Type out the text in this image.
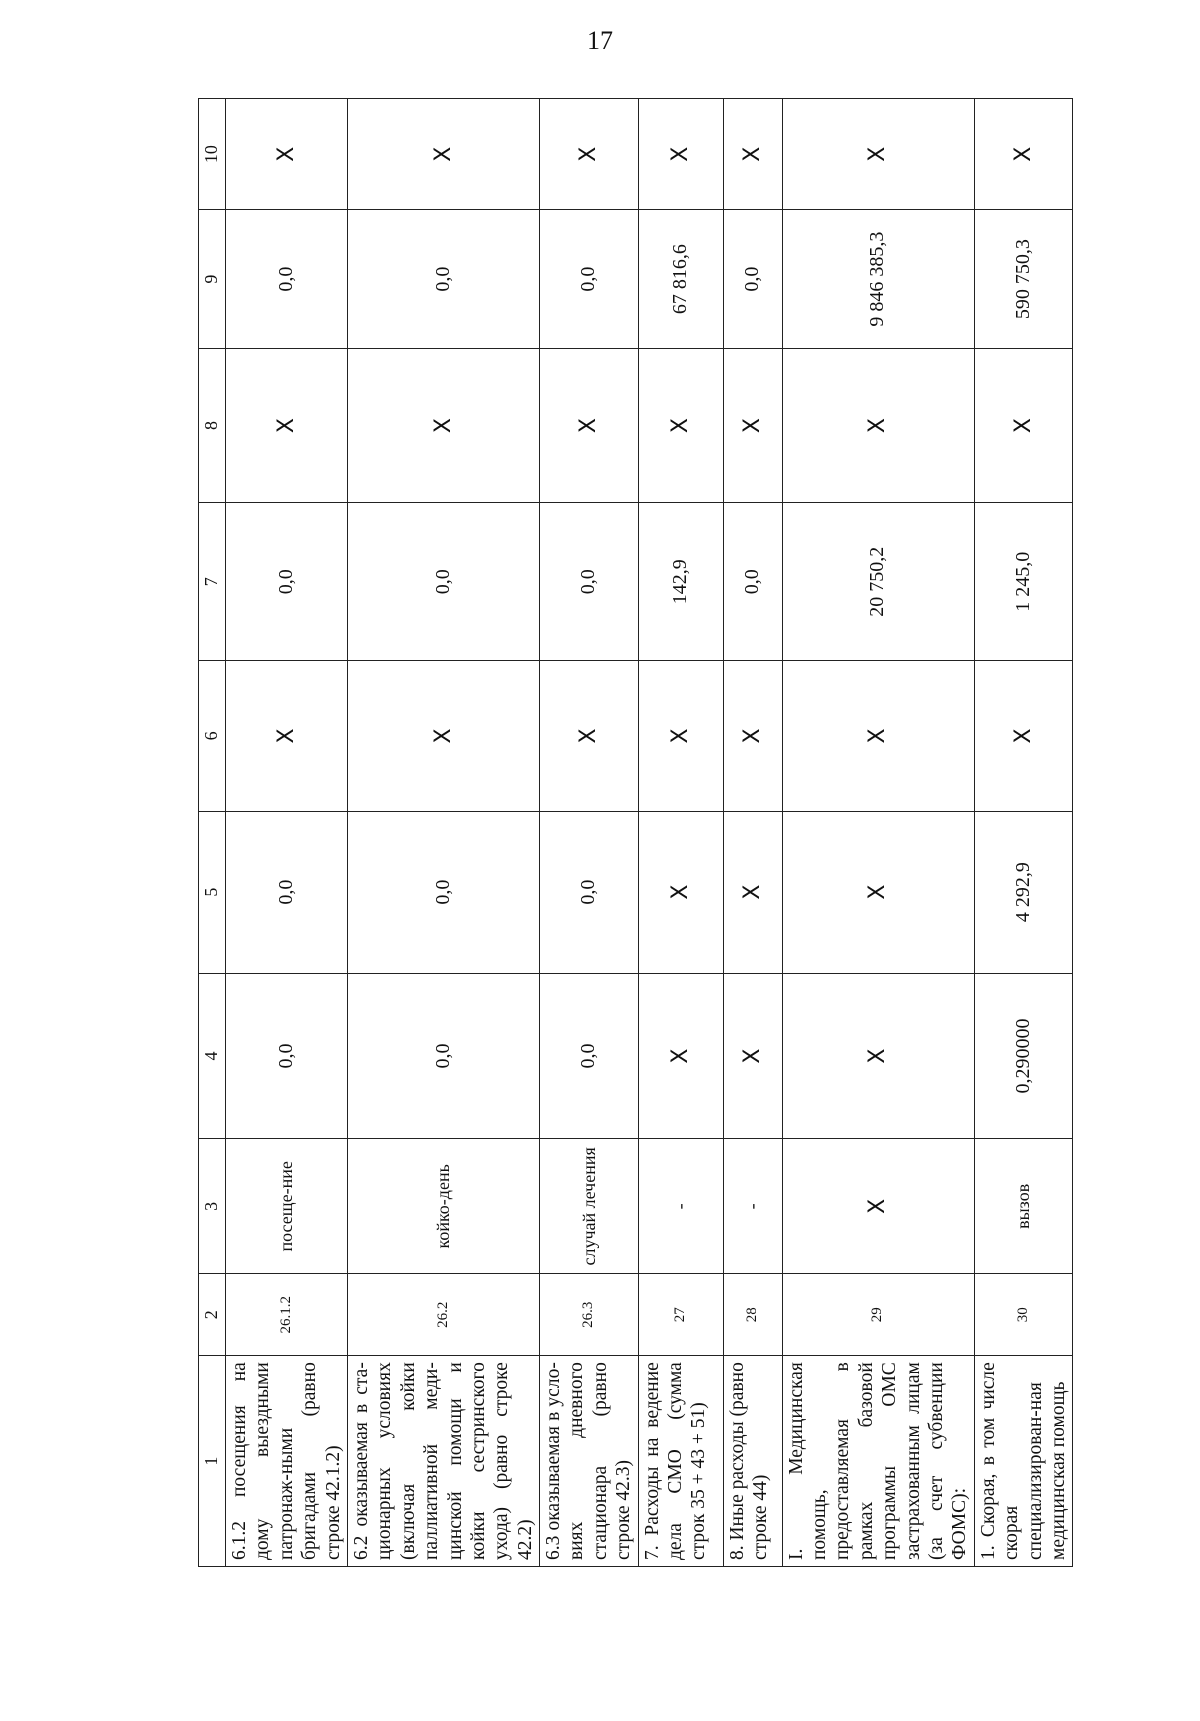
17
1	2	3	4	5	6	7	8	9	10
6.1.2 посещения на дому выездными патронаж-ными бригадами (равно строке 42.1.2)	26.1.2	посеще-ние	0,0	0,0	X	0,0	X	0,0	X
6.2 оказываемая в ста-ционарных условиях (включая койки паллиативной меди-цинской помощи и койки сестринского ухода) (равно строке 42.2)	26.2	койко-день	0,0	0,0	X	0,0	X	0,0	X
6.3 оказываемая в усло-виях дневного стационара (равно строке 42.3)	26.3	случай лечения	0,0	0,0	X	0,0	X	0,0	X
7. Расходы на ведение дела СМО (сумма строк 35 + 43 + 51)	27	-	X	X	X	142,9	X	67 816,6	X
8. Иные расходы (равно строке 44)	28	-	X	X	X	0,0	X	0,0	X
I. Медицинская помощь, предоставляемая в рамках базовой программы ОМС застрахованным лицам (за счет субвенции ФОМС):	29	X	X	X	X	20 750,2	X	9 846 385,3	X
1. Скорая, в том числе скорая специализирован-ная медицинская помощь	30	вызов	0,290000	4 292,9	X	1 245,0	X	590 750,3	X
